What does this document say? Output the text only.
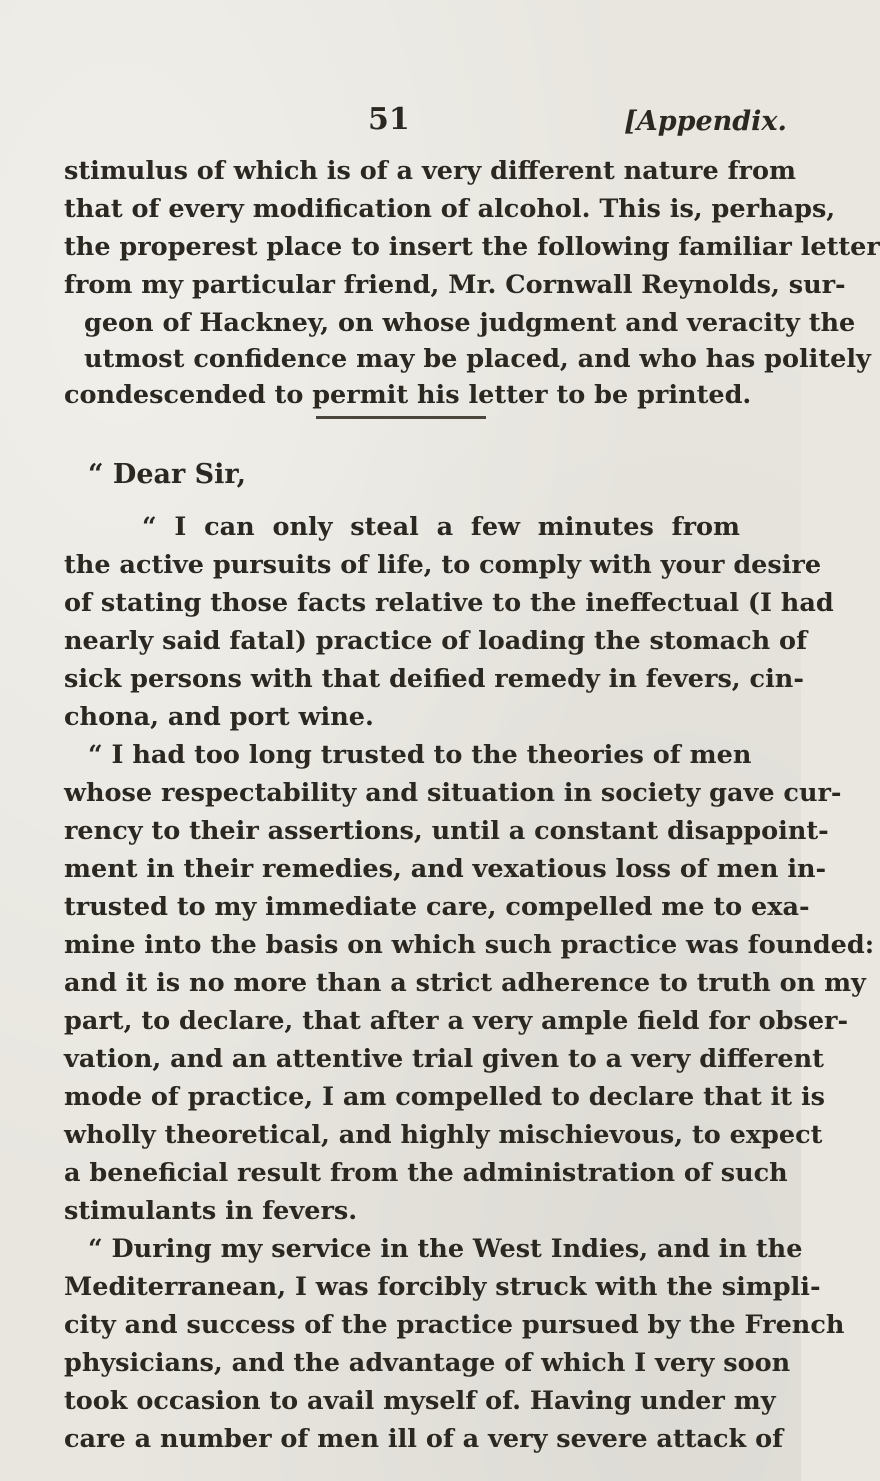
51	[Appendix.
stimulus of which is of a very different nature from
that of every modification of alcohol. This is, perhaps,
the properest place to insert the following familiar letter
from my particular friend, Mr. Cornwall Reynolds, sur-
geon of Hackney, on whose judgment and veracity the
utmost confidence may be placed, and who has politely
condescended to permit his letter to be printed.
“ Dear Sir,
“ I can only steal a few minutes from
the active pursuits of life, to comply with your desire
of stating those facts relative to the ineffectual (I had
nearly said fatal) practice of loading the stomach of
sick persons with that deified remedy in fevers, cin-
chona, and port wine.
“ I had too long trusted to the theories of men
whose respectability and situation in society gave cur-
rency to their assertions, until a constant disappoint-
ment in their remedies, and vexatious loss of men in-
trusted to my immediate care, compelled me to exa-
mine into the basis on which such practice was founded:
and it is no more than a strict adherence to truth on my
part, to declare, that after a very ample field for obser-
vation, and an attentive trial given to a very different
mode of practice, I am compelled to declare that it is
wholly theoretical, and highly mischievous, to expect
a beneficial result from the administration of such
stimulants in fevers.
“ During my service in the West Indies, and in the
Mediterranean, I was forcibly struck with the simpli-
city and success of the practice pursued by the French
physicians, and the advantage of which I very soon
took occasion to avail myself of. Having under my
care a number of men ill of a very severe attack of
